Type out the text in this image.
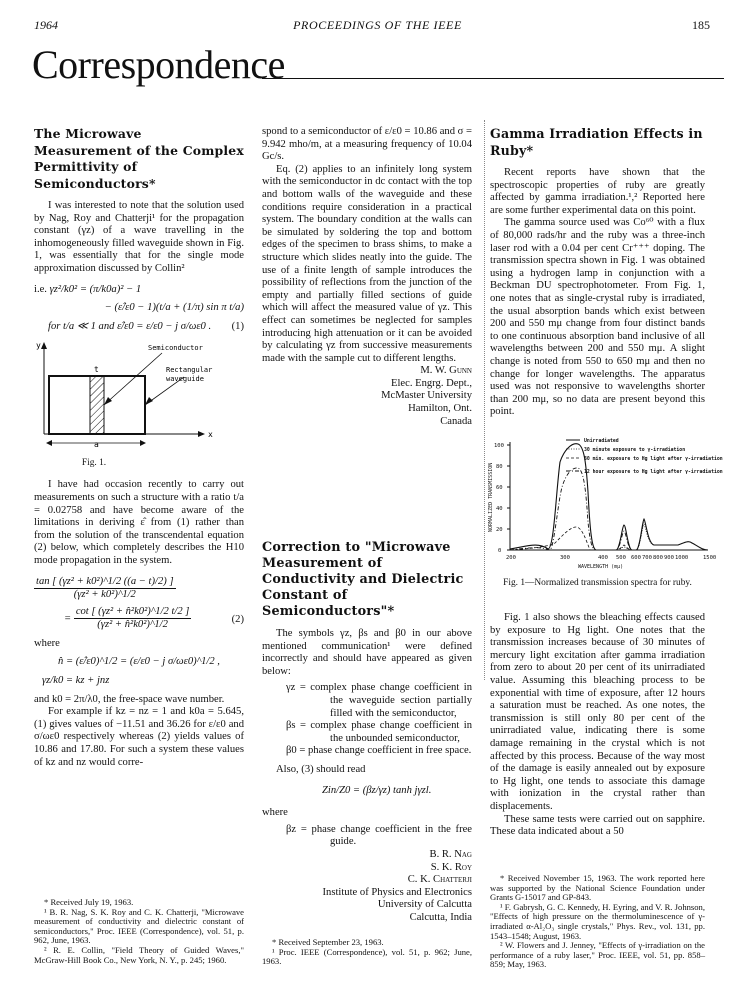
1964	PROCEEDINGS OF THE IEEE	185
Correspondence
The Microwave Measurement of the Complex Permittivity of Semiconductors*

I was interested to note that the solution used by Nag, Roy and Chatterji¹ for the propagation constant (γz) of a wave travelling in the inhomogeneously filled waveguide shown in Fig. 1, was essentially that for the single mode approximation discussed by Collin²

i.e. γz²/k0² = (π/k0a)² − 1
− (ε̂/ε0 − 1)(t/a + (1/π) sin π t/a)
for t/a ≪ 1 and ε̂/ε0 = ε/ε0 − j σ/ωε0 . (1)
y
x
t
a
Semiconductor
Rectangular
waveguide
Fig. 1.

I have had occasion recently to carry out measurements on such a structure with a ratio t/a = 0.02758 and have become aware of the limitations in deriving ε̂ from (1) rather than from the solution of the transcendental equation (2) below, which completely describes the H10 mode propagation in the system.

$\frac{\text{tan [ (γz² + k0²)\textasciicircum{}1/2 ((a − t)/2) ]}}{\text{(γz² + k0²)\textasciicircum{}1/2}}$
= $\frac{\text{cot [ (γz² + n̂²k0²)\textasciicircum{}1/2 t/2 ]}}{\text{(γz² + n̂²k0²)\textasciicircum{}1/2}}$	(2)

where

n̂ = (ε̂/ε0)^1/2 = (ε/ε0 − j σ/ωε0)^1/2 ,
γz/k0 = kz + jnz

and k0 = 2π/λ0, the free-space wave number.

For example if kz = nz = 1 and k0a = 5.645, (1) gives values of −11.51 and 36.26 for ε/ε0 and σ/ωε0 respectively whereas (2) yields values of 10.86 and 17.80. For such a system these values of kz and nz would corre-

* Received July 19, 1963.

¹ B. R. Nag, S. K. Roy and C. K. Chatterji, "Microwave measurement of conductivity and dielectric constant of semiconductors," Proc. IEEE (Correspondence), vol. 51, p. 962, June, 1963.

² R. E. Collin, "Field Theory of Guided Waves," McGraw-Hill Book Co., New York, N. Y., p. 245; 1960.

spond to a semiconductor of ε/ε0 = 10.86 and σ = 9.942 mho/m, at a measuring frequency of 10.04 Gc/s.

Eq. (2) applies to an infinitely long system with the semiconductor in dc contact with the top and bottom walls of the waveguide and these conditions require consideration in a practical system. The boundary condition at the walls can be simulated by soldering the top and bottom edges of the specimen to brass shims, to make a structure which slides neatly into the guide. The use of a finite length of sample introduces the possibility of reflections from the junction of the empty and partially filled sections of guide which will affect the measured value of γz. This effect can sometimes be neglected for samples introducing high attenuation or it can be avoided by calculating γz from successive measurements made with the sample cut to different lengths.

M. W. Gunn
Elec. Engrg. Dept.,
McMaster University
Hamilton, Ont.
Canada
Correction to "Microwave Measurement of Conductivity and Dielectric Constant of Semiconductors"*

The symbols γz, βs and β0 in our above mentioned communication¹ were defined incorrectly and should have appeared as given below:

γz = complex phase change coefficient in the waveguide section partially filled with the semiconductor,
βs = complex phase change coefficient in the unbounded semiconductor,
β0 = phase change coefficient in free space.

Also, (3) should read

Zin/Z0 = (βz/γz) tanh jγzl.

where

βz = phase change coefficient in the free guide.
B. R. Nag
S. K. Roy
C. K. Chatterji
Institute of Physics and Electronics
University of Calcutta
Calcutta, India

* Received September 23, 1963.

¹ Proc. IEEE (Correspondence), vol. 51, p. 962; June, 1963.

Gamma Irradiation Effects in Ruby*

Recent reports have shown that the spectroscopic properties of ruby are greatly affected by gamma irradiation.¹,² Reported here are some further experimental data on this point.

The gamma source used was Co⁶⁰ with a flux of 80,000 rads/hr and the ruby was a three-inch laser rod with a 0.04 per cent Cr⁺⁺⁺ doping. The transmission spectra shown in Fig. 1 was obtained using a hydrogen lamp in conjunction with a Beckman DU spectrophotometer. From Fig. 1, one notes that as single-crystal ruby is irradiated, the usual absorption bands which exist between 200 and 550 mμ change from four distinct bands to one continuous absorption band inclusive of all wavelengths between 200 and 550 mμ. A slight change is noted from 550 to 650 mμ and then no change for longer wavelengths. The apparatus used was not responsive to wavelengths shorter than 200 mμ, so no data are present beyond this point.

0
20
40
60
80
100
200	300	400 500 600 700 800 900 1000	1500
WAVELENGTH (mμ)
NORMALIZED TRANSMISSION
Unirradiated
30 minute exposure to γ-irradiation
30 min. exposure to Hg light after γ-irradiation
12 hour exposure to Hg light after γ-irradiation
Fig. 1—Normalized transmission spectra for ruby.

Fig. 1 also shows the bleaching effects caused by exposure to Hg light. One notes that the transmission increases because of 30 minutes of mercury light excitation after gamma irradiation from zero to about 20 per cent of its unirradiated value. Assuming this bleaching process to be exponential with time of exposure, after 12 hours a saturation must be reached. As one notes, the transmission is still only 80 per cent of the unirradiated value, indicating there is some damage remaining in the crystal which is not affected by this process. Because of the way most of the damage is easily annealed out by exposure to Hg light, one tends to associate this damage with ionization in the crystal rather than displacements.

These same tests were carried out on sapphire. These data indicated about a 50

* Received November 15, 1963. The work reported here was supported by the National Science Foundation under Grants G-15017 and GP-843.

¹ F. Gabrysh, G. C. Kennedy, H. Eyring, and V. R. Johnson, "Effects of high pressure on the thermoluminescence of γ-irradiated α-Al₂O₃ single crystals," Phys. Rev., vol. 131, pp. 1543–1548; August, 1963.

² W. Flowers and J. Jenney, "Effects of γ-irradiation on the performance of a ruby laser," Proc. IEEE, vol. 51, pp. 858–859; May, 1963.
